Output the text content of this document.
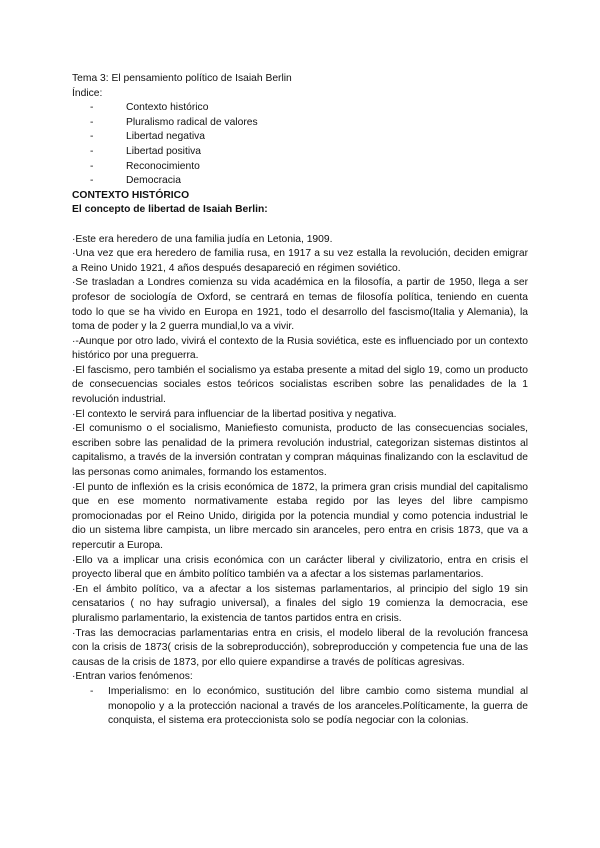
Tema 3: El pensamiento político de Isaiah Berlin
Índice:
-	Contexto histórico
-	Pluralismo radical de valores
-	Libertad negativa
-	Libertad positiva
-	Reconocimiento
-	Democracia
CONTEXTO HISTÓRICO
El concepto de libertad de Isaiah Berlin:

·Este era heredero de una familia judía en Letonia, 1909.

·Una vez que era heredero de familia rusa, en 1917 a su vez estalla la revolución, deciden emigrar a Reino Unido 1921, 4 años después desapareció en régimen soviético.

·Se trasladan a Londres comienza su vida académica en la filosofía, a partir de 1950, llega a ser profesor de sociología de Oxford, se centrará en temas de filosofía política, teniendo en cuenta todo lo que se ha vivido en Europa en 1921, todo el desarrollo del fascismo(Italia y Alemania), la toma de poder y la 2 guerra mundial,lo va a vivir.

·-Aunque por otro lado, vivirá el contexto de la Rusia soviética, este es influenciado por un contexto histórico por una preguerra.

·El fascismo, pero también el socialismo ya estaba presente a mitad del siglo 19, como un producto de consecuencias sociales estos teóricos socialistas escriben sobre las penalidades de la 1 revolución industrial.

·El contexto le servirá para influenciar de la libertad positiva y negativa.

·El comunismo o el socialismo, Maniefiesto comunista, producto de las consecuencias sociales, escriben sobre las penalidad de la primera revolución industrial, categorizan sistemas distintos al capitalismo, a través de la inversión contratan y compran máquinas finalizando con la esclavitud de las personas como animales, formando los estamentos.

·El punto de inflexión es la crisis económica de 1872, la primera gran crisis mundial del capitalismo que en ese momento normativamente estaba regido por las leyes del libre campismo promocionadas por el Reino Unido, dirigida por la potencia mundial y como potencia industrial le dio un sistema libre campista, un libre mercado sin aranceles, pero entra en crisis 1873, que va a repercutir a Europa.

·Ello va a implicar una crisis económica con un carácter liberal y civilizatorio, entra en crisis el proyecto liberal que en ámbito político también va a afectar a los sistemas parlamentarios.

·En el ámbito político, va a afectar a los sistemas parlamentarios, al principio del siglo 19 sin censatarios ( no hay sufragio universal), a finales del siglo 19 comienza la democracia, ese pluralismo parlamentario, la existencia de tantos partidos entra en crisis.

·Tras las democracias parlamentarias entra en crisis, el modelo liberal de la revolución francesa con la crisis de 1873( crisis de la sobreproducción), sobreproducción y competencia fue una de las causas de la crisis de 1873, por ello quiere expandirse a través de políticas agresivas.

·Entran varios fenómenos:

-	Imperialismo: en lo económico, sustitución del libre cambio como sistema mundial al monopolio y a la protección nacional a través de los aranceles.Políticamente, la guerra de conquista, el sistema era proteccionista solo se podía negociar con la colonias.
